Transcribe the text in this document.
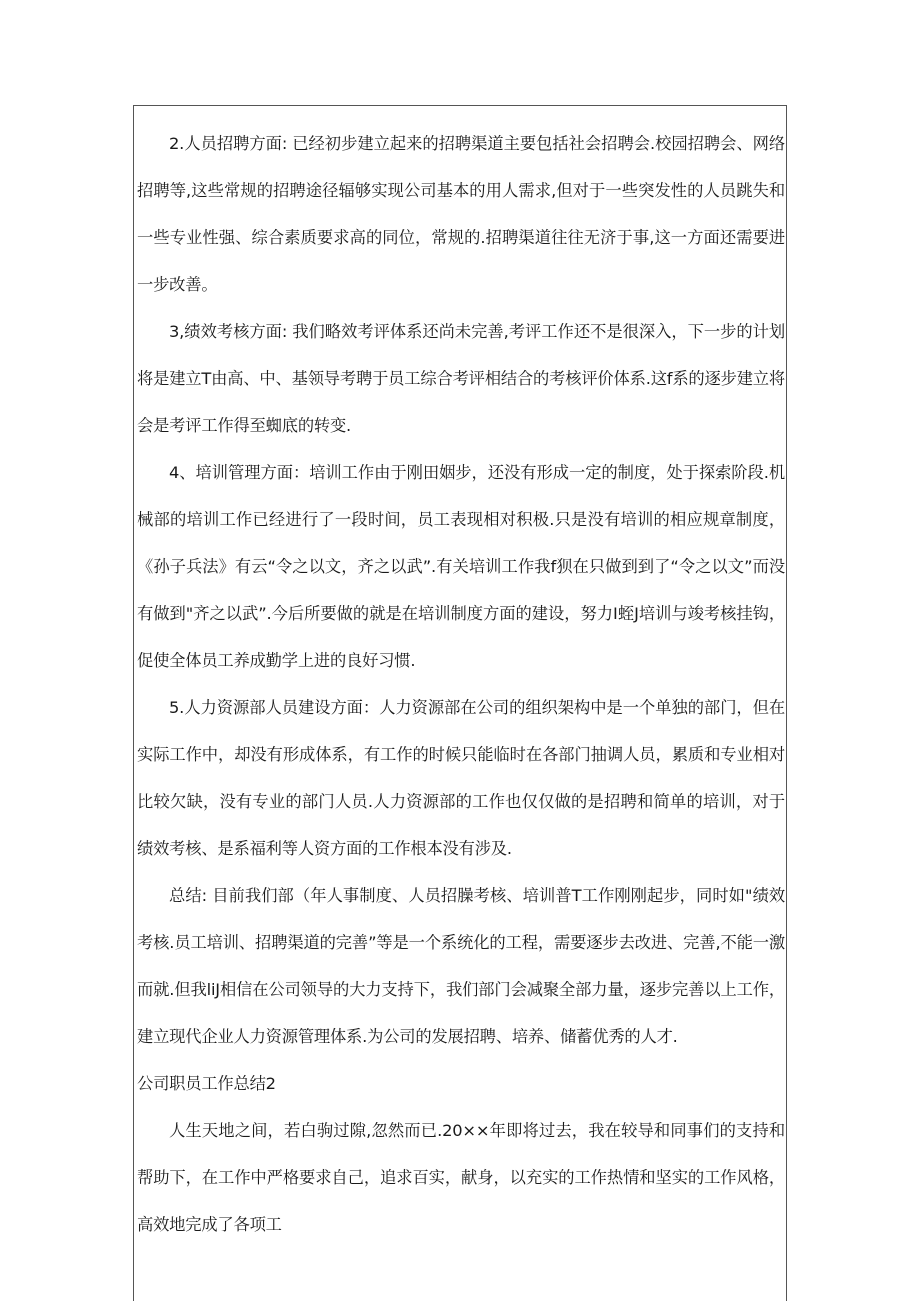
2.人员招聘方面: 已经初步建立起来的招聘渠道主要包括社会招聘会.校园招聘会、网络招聘等,这些常规的招聘途径辐够实现公司基本的用人需求,但对于一些突发性的人员跳失和一些专业性强、综合素质要求高的同位，常规的.招聘渠道往往无济于事,这一方面还需要进一步改善。

3,绩效考核方面: 我们略效考评体系还尚未完善,考评工作还不是很深入，下一步的计划将是建立T由高、中、基领导考聘于员工综合考评相结合的考核评价体系.这f系的逐步建立将会是考评工作得至蜘底的转变.

4、培训管理方面：培训工作由于刚田姻步，还没有形成一定的制度，处于探索阶段.机械部的培训工作已经进行了一段时间，员工表现相对积极.只是没有培训的相应规章制度，《孙子兵法》有云“令之以文，齐之以武”.有关培训工作我f狈在只做到到了“令之以文”而没有做到"齐之以武”.今后所要做的就是在培训制度方面的建设，努力I蛭J培训与竣考核挂钩，促使全体员工养成勤学上进的良好习惯.

5.人力资源部人员建设方面：人力资源部在公司的组织架构中是一个单独的部门，但在实际工作中，却没有形成体系，有工作的时候只能临时在各部门抽调人员，累质和专业相对比较欠缺，没有专业的部门人员.人力资源部的工作也仅仅做的是招聘和简单的培训，对于绩效考核、是系福利等人资方面的工作根本没有涉及.

总结: 目前我们部（年人事制度、人员招臊考核、培训普T工作刚刚起步，同时如"绩效考核.员工培训、招聘渠道的完善”等是一个系统化的工程，需要逐步去改进、完善,不能一激而就.但我liJ相信在公司领导的大力支持下，我们部门会减聚全部力量，逐步完善以上工作，建立现代企业人力资源管理体系.为公司的发展招聘、培养、储蓄优秀的人才.

公司职员工作总结2

人生天地之间，若白驹过隙,忽然而已.20××年即将过去，我在较导和同事们的支持和帮助下，在工作中严格要求自己，追求百实，献身，以充实的工作热情和坚实的工作风格，高效地完成了各项工
